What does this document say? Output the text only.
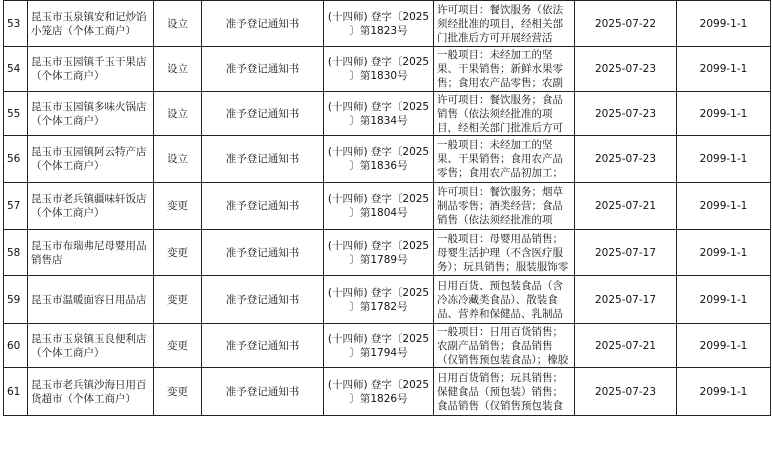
53	昆玉市玉泉镇安和记炒馅小笼店（个体工商户）	设立	准予登记通知书	(十四师) 登字〔2025
〕第1823号	许可项目：餐饮服务（依法须经批准的项目，经相关部门批准后方可开展经营活	2025-07-22	2099-1-1
54	昆玉市玉园镇千玉干果店（个体工商户）	设立	准予登记通知书	(十四师) 登字〔2025
〕第1830号	一般项目：未经加工的坚果、干果销售；新鲜水果零售；食用农产品零售；农副	2025-07-23	2099-1-1
55	昆玉市玉园镇多味火锅店（个体工商户）	设立	准予登记通知书	(十四师) 登字〔2025
〕第1834号	许可项目：餐饮服务；食品销售（依法须经批准的项目，经相关部门批准后方可	2025-07-23	2099-1-1
56	昆玉市玉园镇阿云特产店（个体工商户）	设立	准予登记通知书	(十四师) 登字〔2025
〕第1836号	一般项目：未经加工的坚果、干果销售；食用农产品零售；食用农产品初加工；	2025-07-23	2099-1-1
57	昆玉市老兵镇疆味轩饭店（个体工商户）	变更	准予登记通知书	(十四师) 登字〔2025
〕第1804号	许可项目：餐饮服务；烟草制品零售；酒类经营；食品销售（依法须经批准的项	2025-07-21	2099-1-1
58	昆玉市布瑞弗尼母婴用品销售店	变更	准予登记通知书	(十四师) 登字〔2025
〕第1789号	一般项目：母婴用品销售；母婴生活护理（不含医疗服务）；玩具销售；服装服饰零	2025-07-17	2099-1-1
59	昆玉市温暖面容日用品店	变更	准予登记通知书	(十四师) 登字〔2025
〕第1782号	日用百货、预包装食品（含冷冻冷藏类食品）、散装食品、营养和保健品、乳制品	2025-07-17	2099-1-1
60	昆玉市玉泉镇玉良便利店（个体工商户）	变更	准予登记通知书	(十四师) 登字〔2025
〕第1794号	一般项目：日用百货销售；农副产品销售；食品销售（仅销售预包装食品）；橡胶	2025-07-21	2099-1-1
61	昆玉市老兵镇沙海日用百货超市（个体工商户）	变更	准予登记通知书	(十四师) 登字〔2025
〕第1826号	日用百货销售；玩具销售；保健食品（预包装）销售；食品销售（仅销售预包装食	2025-07-23	2099-1-1
